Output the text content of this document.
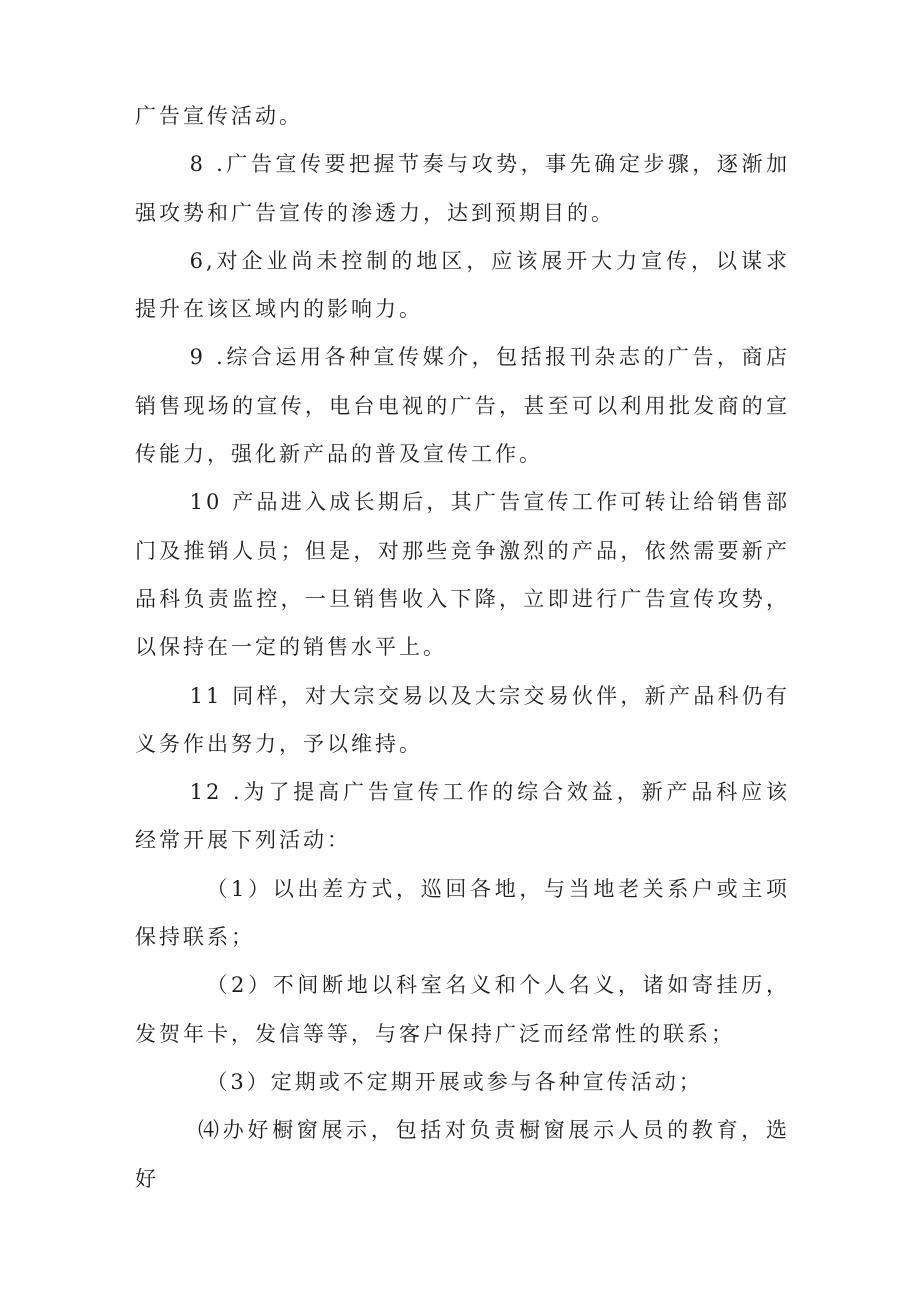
广告宣传活动。

8 .广告宣传要把握节奏与攻势，事先确定步骤，逐渐加强攻势和广告宣传的渗透力，达到预期目的。

6,对企业尚未控制的地区，应该展开大力宣传，以谋求提升在该区域内的影响力。

9 .综合运用各种宣传媒介，包括报刊杂志的广告，商店销售现场的宣传，电台电视的广告，甚至可以利用批发商的宣传能力，强化新产品的普及宣传工作。

10 产品进入成长期后，其广告宣传工作可转让给销售部门及推销人员；但是，对那些竞争激烈的产品，依然需要新产品科负责监控，一旦销售收入下降，立即进行广告宣传攻势，以保持在一定的销售水平上。

11 同样，对大宗交易以及大宗交易伙伴，新产品科仍有义务作出努力，予以维持。

12 .为了提高广告宣传工作的综合效益，新产品科应该经常开展下列活动：

（1）以出差方式，巡回各地，与当地老关系户或主项保持联系；

（2）不间断地以科室名义和个人名义，诸如寄挂历，发贺年卡，发信等等，与客户保持广泛而经常性的联系；

（3）定期或不定期开展或参与各种宣传活动；

⑷办好橱窗展示，包括对负责橱窗展示人员的教育，选好
